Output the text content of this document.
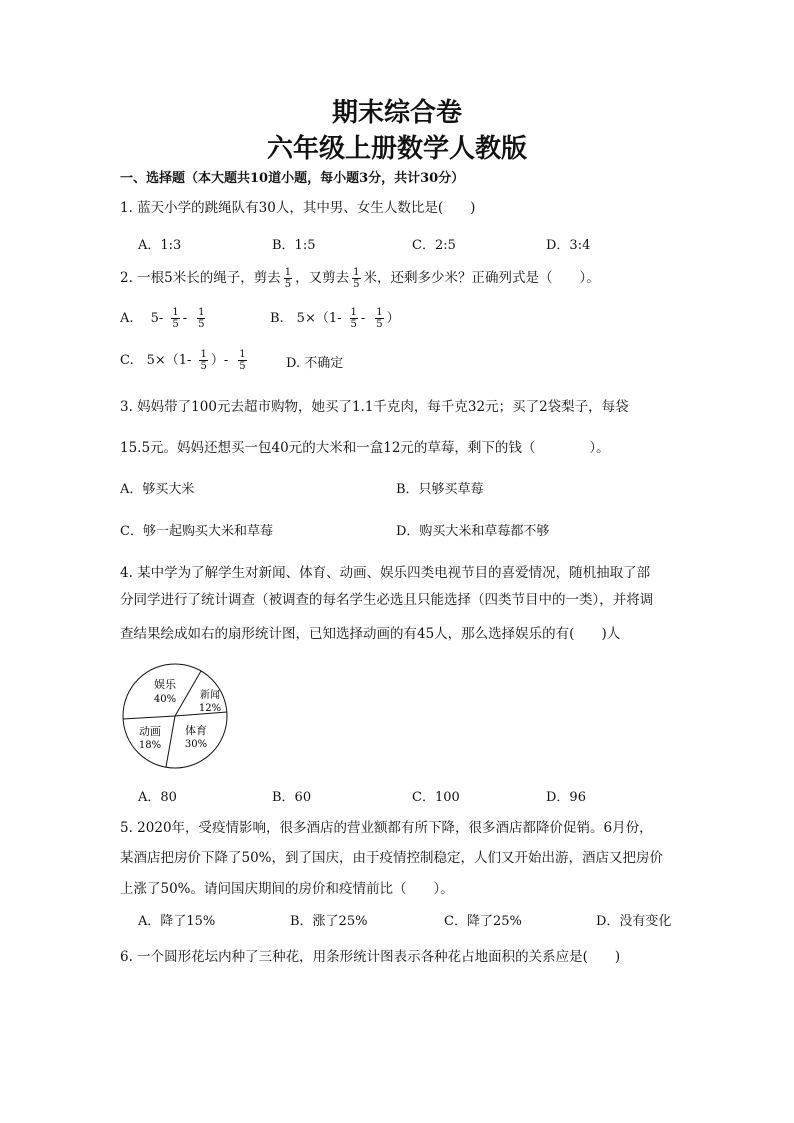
期末综合卷
六年级上册数学人教版
一、选择题（本大题共10道小题，每小题3分，共计30分）
1. 蓝天小学的跳绳队有30人，其中男、女生人数比是(　　)
A．1:3	B．1:5	C．2:5	D．3:4
2. 一根5米长的绳子，剪去 $\frac{1}{5}$ ，又剪去 $\frac{1}{5}$ 米，还剩多少米？正确列式是（　　）。
A.　 $5- \frac{1}{5} - \frac{1}{5}$	B.　$5\times(1- \frac{1}{5} - \frac{1}{5}$ ）
C.　$5\times(1- \frac{1}{5}$ ）- $\frac{1}{5}$	D. 不确定
3. 妈妈带了100元去超市购物，她买了1.1千克肉，每千克32元；买了2袋梨子，每袋
15.5元。妈妈还想买一包40元的大米和一盒12元的草莓，剩下的钱（　　　　）。
A．够买大米	B．只够买草莓
C．够一起购买大米和草莓	D．购买大米和草莓都不够
4. 某中学为了解学生对新闻、体育、动画、娱乐四类电视节目的喜爱情况，随机抽取了部
分同学进行了统计调查（被调查的每名学生必选且只能选择（四类节目中的一类），并将调
查结果绘成如右的扇形统计图，已知选择动画的有45人，那么选择娱乐的有(　　)人
娱乐
40% 新闻
12%
体育
30%
动画
18%
A．80	B．60	C．100	D．96
5. 2020年，受疫情影响，很多酒店的营业额都有所下降，很多酒店都降价促销。6月份，
某酒店把房价下降了50%，到了国庆，由于疫情控制稳定，人们又开始出游，酒店又把房价
上涨了50%。请问国庆期间的房价和疫情前比（　　）。
A．降了15%	B．涨了25%	C．降了25%	D．没有变化
6. 一个圆形花坛内种了三种花，用条形统计图表示各种花占地面积的关系应是(　　)
